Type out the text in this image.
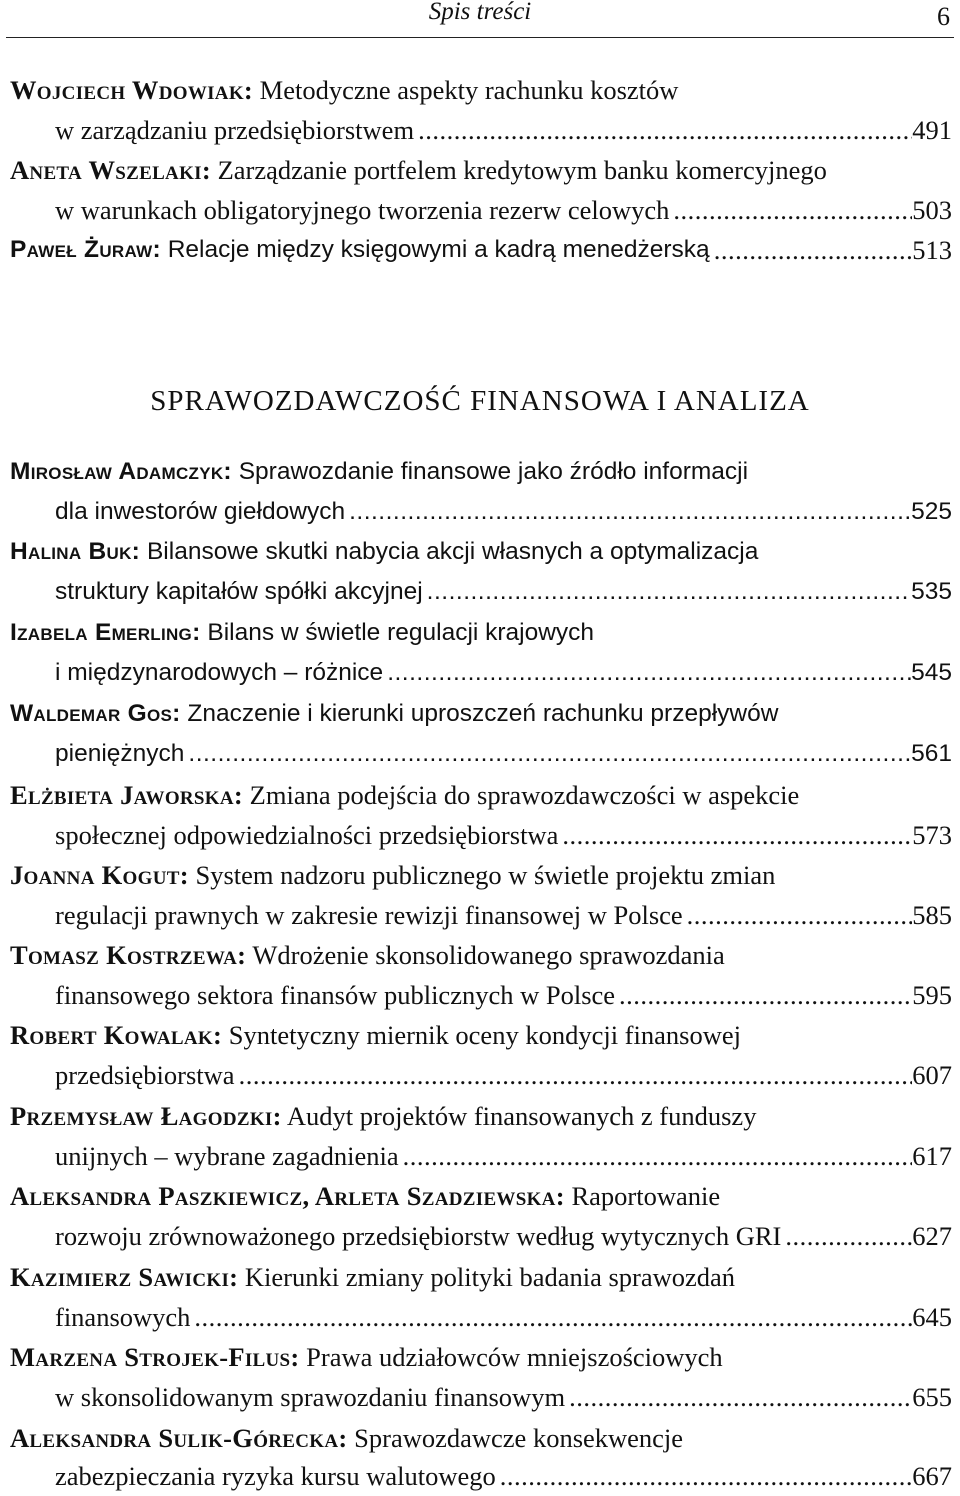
Spis treści	6
Wojciech Wdowiak: Metodyczne aspekty rachunku kosztów
w zarządzaniu przedsiębiorstwem .....	491
Aneta Wszelaki: Zarządzanie portfelem kredytowym banku komercyjnego
w warunkach obligatoryjnego tworzenia rezerw celowych .....	503
Paweł Żuraw: Relacje między księgowymi a kadrą menedżerską .....	513
SPRAWOZDAWCZOŚĆ FINANSOWA I ANALIZA
Mirosław Adamczyk: Sprawozdanie finansowe jako źródło informacji
dla inwestorów giełdowych .....	525
Halina Buk: Bilansowe skutki nabycia akcji własnych a optymalizacja
struktury kapitałów spółki akcyjnej .....	535
Izabela Emerling: Bilans w świetle regulacji krajowych
i międzynarodowych – różnice .....	545
Waldemar Gos: Znaczenie i kierunki uproszczeń rachunku przepływów
pieniężnych .....	561
Elżbieta Jaworska: Zmiana podejścia do sprawozdawczości w aspekcie
społecznej odpowiedzialności przedsiębiorstwa .....	573
Joanna Kogut: System nadzoru publicznego w świetle projektu zmian
regulacji prawnych w zakresie rewizji finansowej w Polsce .....	585
Tomasz Kostrzewa: Wdrożenie skonsolidowanego sprawozdania
finansowego sektora finansów publicznych w Polsce .....	595
Robert Kowalak: Syntetyczny miernik oceny kondycji finansowej
przedsiębiorstwa .....	607
Przemysław Łagodzki: Audyt projektów finansowanych z funduszy
unijnych – wybrane zagadnienia .....	617
Aleksandra Paszkiewicz, Arleta Szadziewska: Raportowanie
rozwoju zrównoważonego przedsiębiorstw według wytycznych GRI .....	627
Kazimierz Sawicki: Kierunki zmiany polityki badania sprawozdań
finansowych .....	645
Marzena Strojek-Filus: Prawa udziałowców mniejszościowych
w skonsolidowanym sprawozdaniu finansowym .....	655
Aleksandra Sulik-Górecka: Sprawozdawcze konsekwencje
zabezpieczania ryzyka kursu walutowego .....	667
